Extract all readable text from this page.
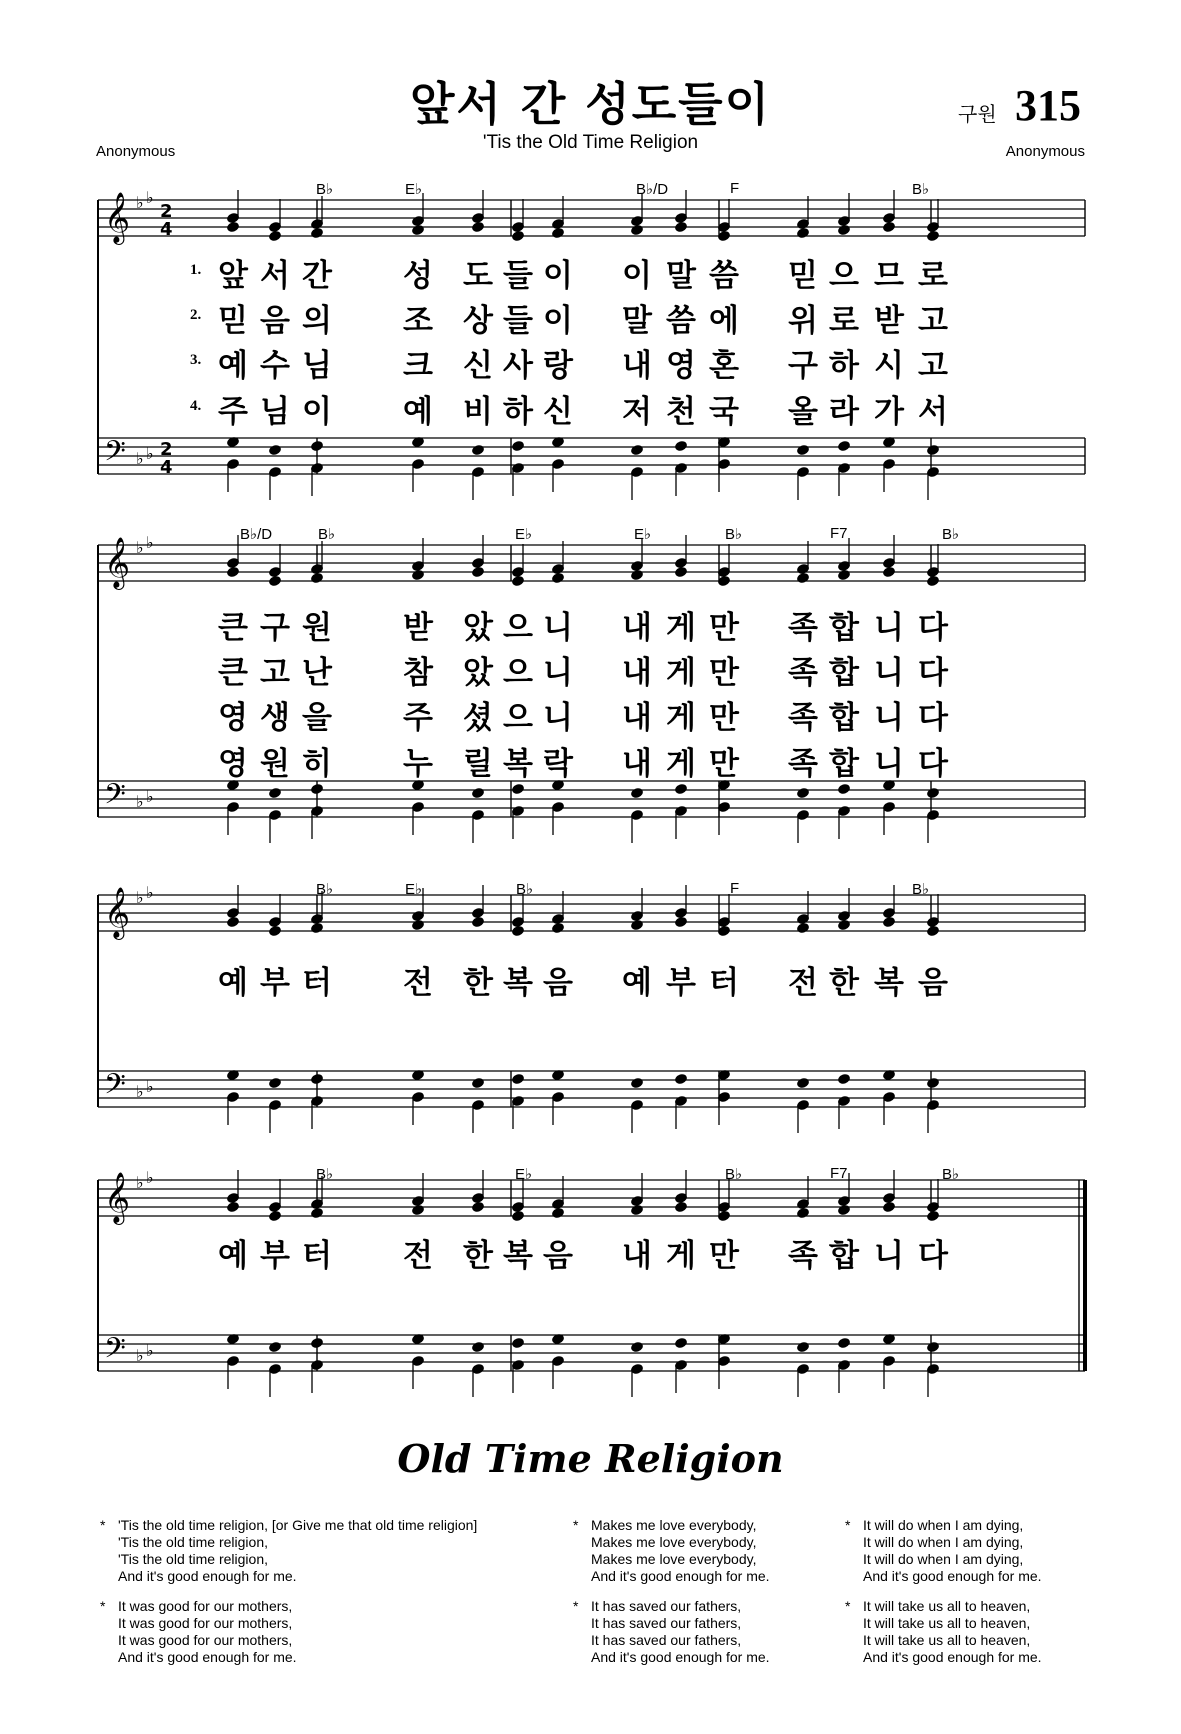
앞서 간 성도들이
'Tis the Old Time Religion
구원 315
Anonymous	Anonymous
𝄞
𝄢
♭ ♭
♭ ♭
2
4
2
4
𝄞
𝄢
♭ ♭
♭ ♭
𝄞
𝄢
♭ ♭
♭ ♭
𝄞
𝄢
♭ ♭
♭ ♭
B♭	E♭	B♭/D	F	B♭
1. 앞 서 간 성 도 들 이 이 말 씀 믿 으 므 로
2. 믿 음 의 조 상 들 이 말 씀 에 위 로 받 고
3. 예 수 님 크 신 사 랑 내 영 혼 구 하 시 고
4. 주 님 이 예 비 하 신 저 천 국 올 라 가 서
B♭/D	B♭	E♭	E♭	B♭	F7	B♭
큰 구 원 받 았 으 니 내 게 만 족 합 니 다
큰 고 난 참 았 으 니 내 게 만 족 합 니 다
영 생 을 주 셨 으 니 내 게 만 족 합 니 다
영 원 히 누 릴 복 락 내 게 만 족 합 니 다
B♭	E♭	B♭	F	B♭
예 부 터 전 한 복 음 예 부 터 전 한 복 음
B♭	E♭	B♭	F7	B♭
예 부 터 전 한 복 음 내 게 만 족 합 니 다
Old Time Religion
* 'Tis the old time religion, [or Give me that old time religion]
'Tis the old time religion,
'Tis the old time religion,
And it's good enough for me.
* Makes me love everybody,
Makes me love everybody,
Makes me love everybody,
And it's good enough for me.
* It will do when I am dying,
It will do when I am dying,
It will do when I am dying,
And it's good enough for me.
* It was good for our mothers,
It was good for our mothers,
It was good for our mothers,
And it's good enough for me.
* It has saved our fathers,
It has saved our fathers,
It has saved our fathers,
And it's good enough for me.
* It will take us all to heaven,
It will take us all to heaven,
It will take us all to heaven,
And it's good enough for me.
